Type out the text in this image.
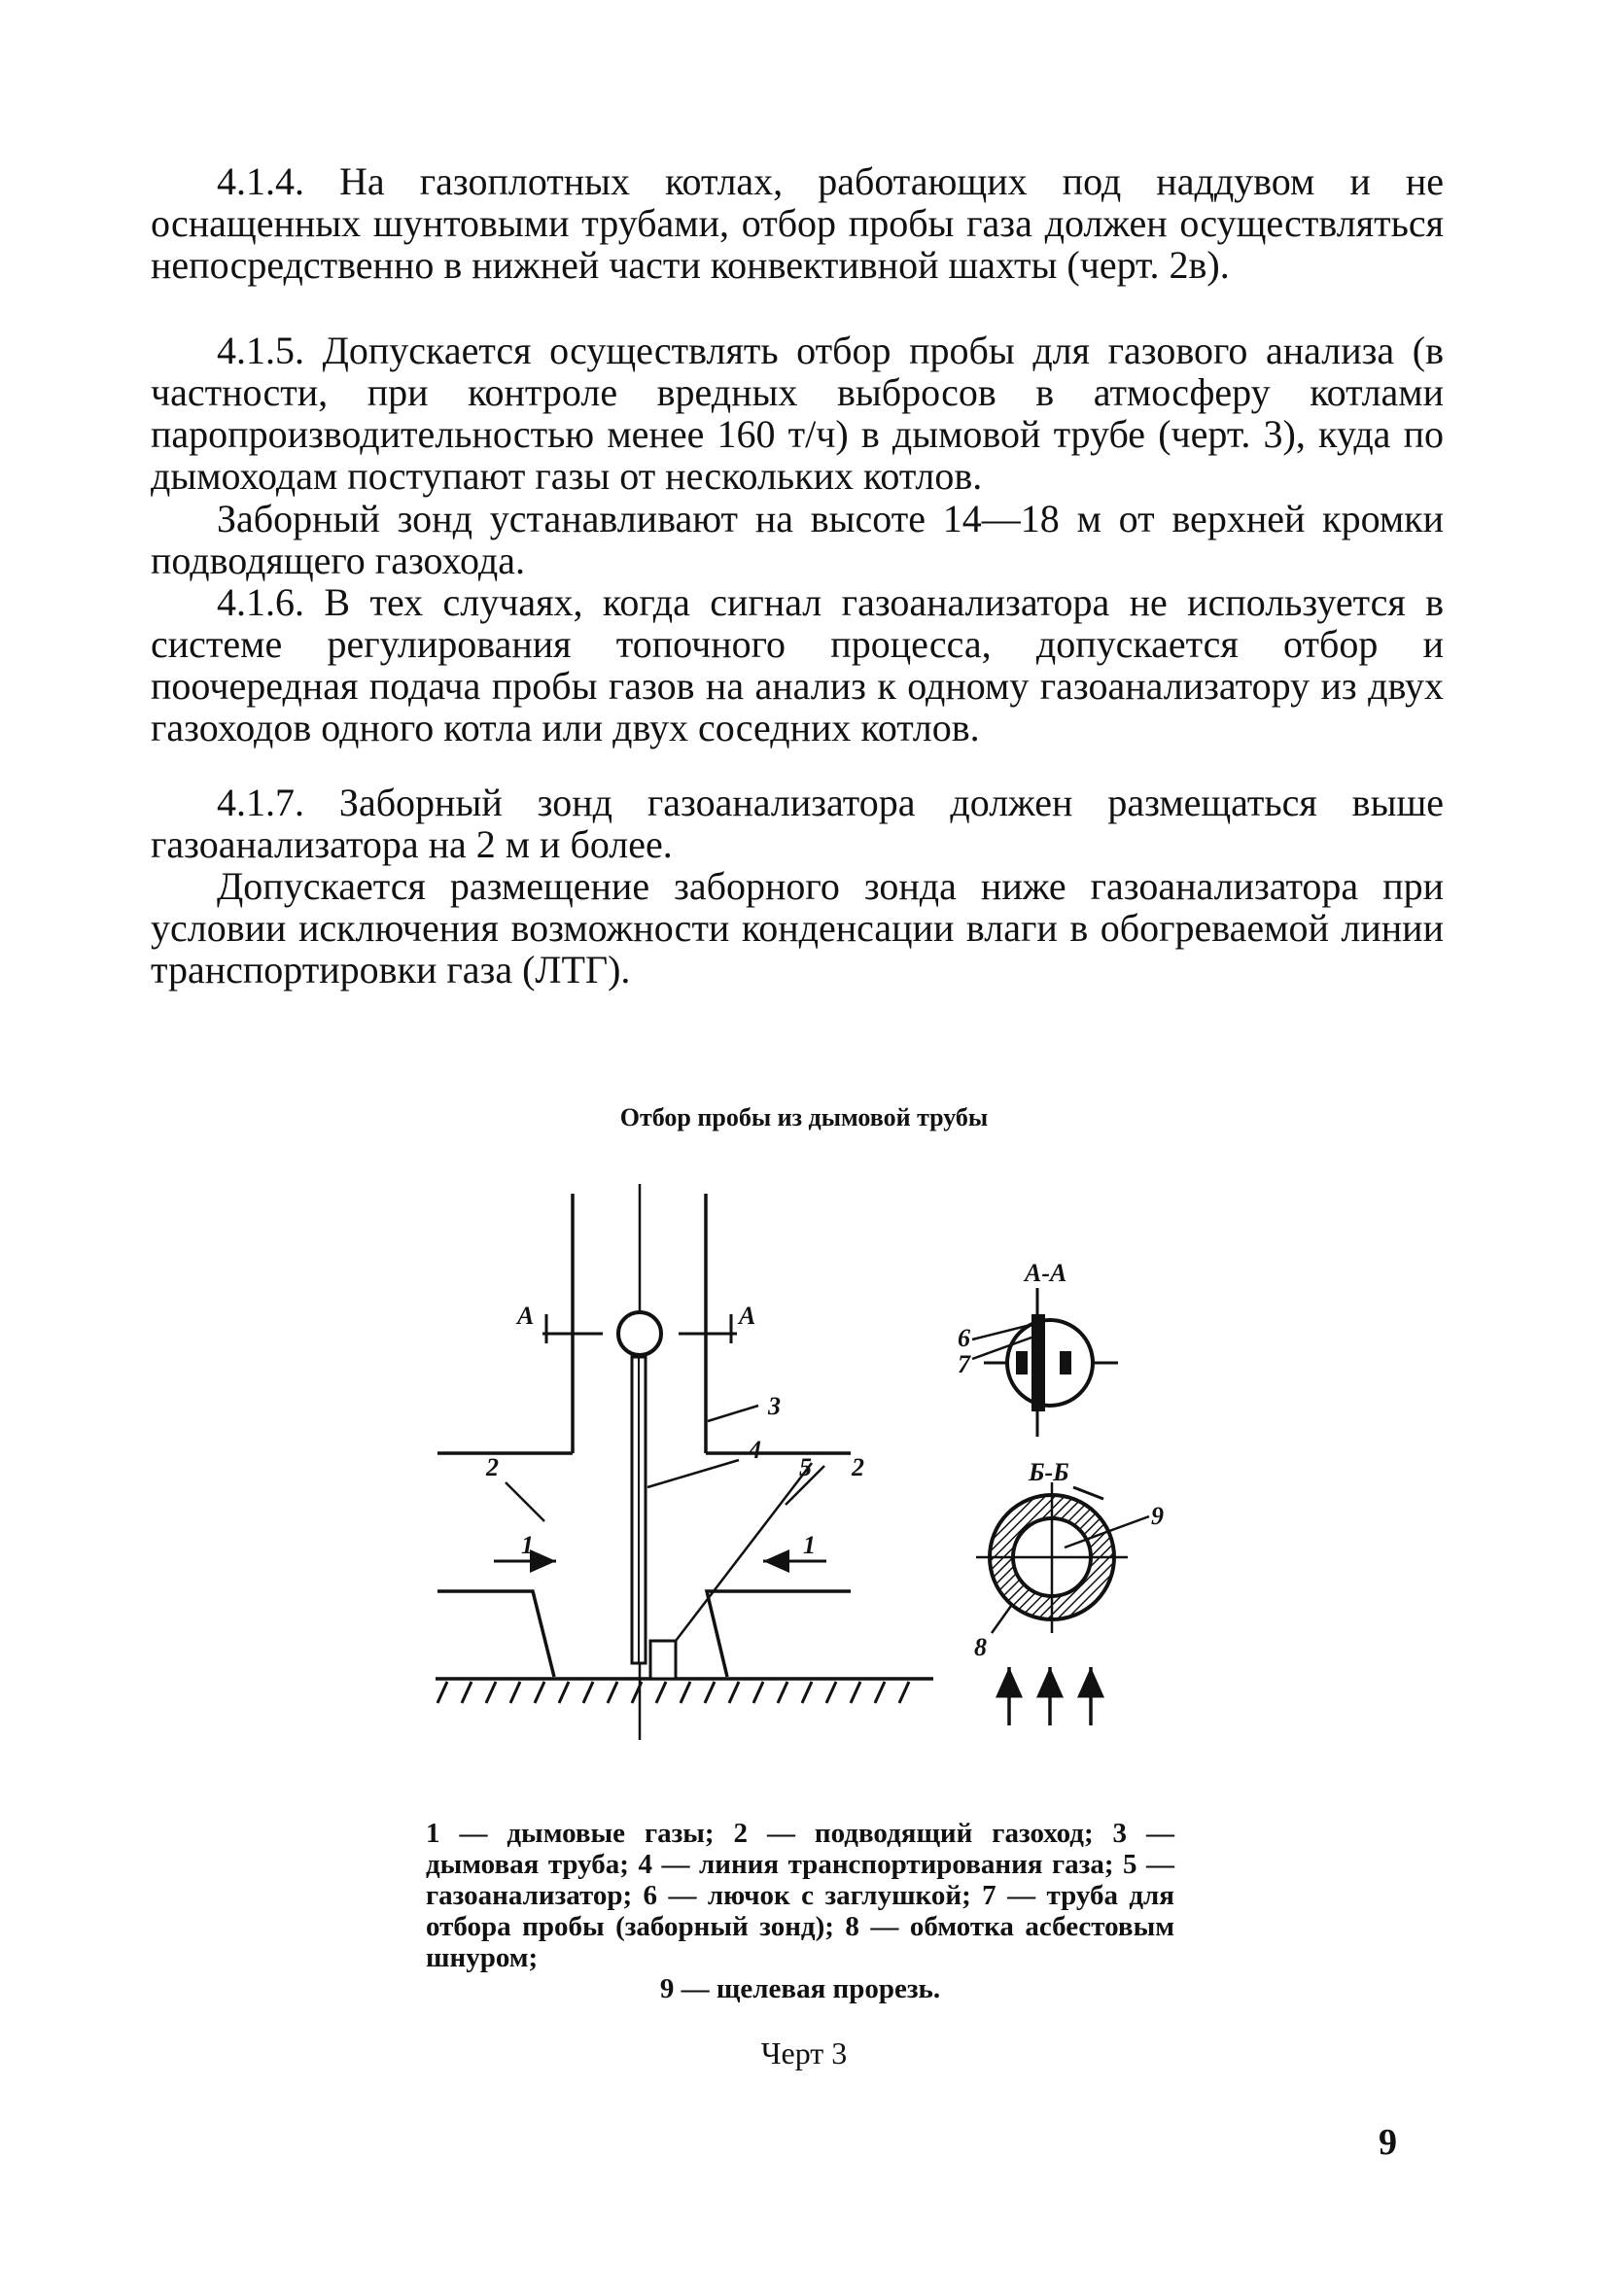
4.1.4. На газоплотных котлах, работающих под наддувом и не оснащенных шунтовыми трубами, отбор пробы газа должен осуществляться непосредственно в нижней части конвективной шахты (черт. 2в).

4.1.5. Допускается осуществлять отбор пробы для газового анализа (в частности, при контроле вредных выбросов в атмосферу котлами паропроизводительностью менее 160 т/ч) в дымовой трубе (черт. 3), куда по дымоходам поступают газы от нескольких котлов.

Заборный зонд устанавливают на высоте 14—18 м от верхней кромки подводящего газохода.

4.1.6. В тех случаях, когда сигнал газоанализатора не используется в системе регулирования топочного процесса, допускается отбор и поочередная подача пробы газов на анализ к одному газоанализатору из двух газоходов одного котла или двух соседних котлов.

4.1.7. Заборный зонд газоанализатора должен размещаться выше газоанализатора на 2 м и более.

Допускается размещение заборного зонда ниже газоанализатора при условии исключения возможности конденсации влаги в обогреваемой линии транспортировки газа (ЛТГ).

Отбор пробы из дымовой трубы
А	А
3
4
5
2	2
1	1
А-А
6
7
Б-Б
9
8
1 — дымовые газы; 2 — подводящий газоход; 3 — дымовая труба; 4 — линия транспортирования газа; 5 — газоанализатор; 6 — лючок с заглушкой; 7 — труба для отбора пробы (заборный зонд); 8 — обмотка асбестовым шнуром;
9 — щелевая прорезь.
Черт 3
9
